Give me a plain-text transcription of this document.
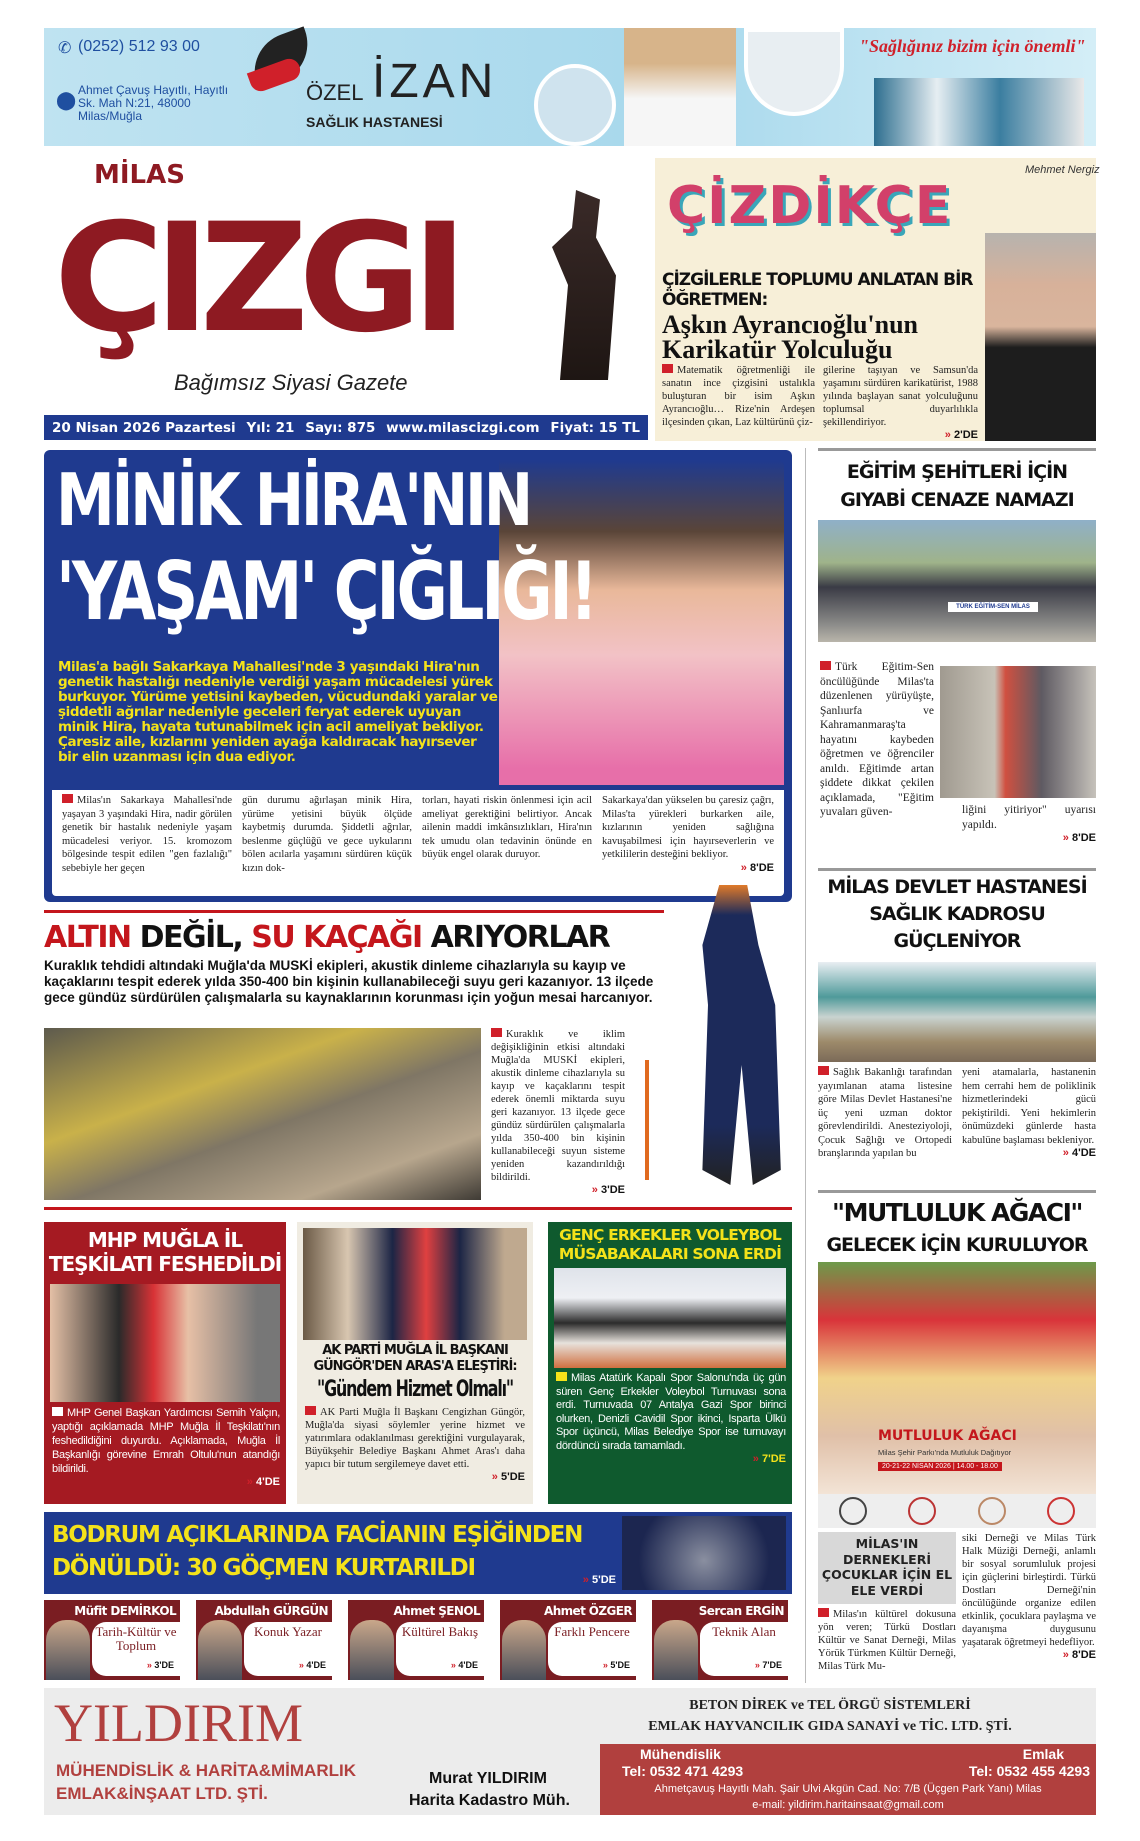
✆ (0252) 512 93 00
⬤ Ahmet Çavuş Hayıtlı, Hayıtlı Sk. Mah N:21, 48000 Milas/Muğla
ÖZEL İZAN
SAĞLIK HASTANESİ
"Sağlığınız bizim için önemli"
MİLAS
ÇIZGI
Bağımsız Siyasi Gazete
20 Nisan 2026 Pazartesi Yıl: 21 Sayı: 875 www.milascizgi.com Fiyat: 15 TL
ÇİZDİKÇE
Mehmet Nergiz
ÇİZGİLERLE TOPLUMU ANLATAN BİR ÖĞRETMEN:
Aşkın Ayrancıoğlu'nun Karikatür Yolculuğu
Matematik öğretmenliği ile sanatın ince çizgisini ustalıkla buluşturan bir isim Aşkın Ayrancıoğlu… Rize'nin Ardeşen ilçesinden çıkan, Laz kültürünü çiz-
gilerine taşıyan ve Samsun'da yaşamını sürdüren karikatürist, 1988 yılında başlayan sanat yolculuğunu toplumsal duyarlılıkla şekillendiriyor.
» 2'DE
MİNİK HİRA'NIN
'YAŞAM' ÇIĞLIĞI!
Milas'a bağlı Sakarkaya Mahallesi'nde 3 yaşındaki Hira'nın genetik hastalığı nedeniyle verdiği yaşam mücadelesi yürek burkuyor. Yürüme yetisini kaybeden, vücudundaki yaralar ve şiddetli ağrılar nedeniyle geceleri feryat ederek uyuyan minik Hira, hayata tutunabilmek için acil ameliyat bekliyor. Çaresiz aile, kızlarını yeniden ayağa kaldıracak hayırsever bir elin uzanması için dua ediyor.
Milas'ın Sakarkaya Mahallesi'nde yaşayan 3 yaşındaki Hira, nadir görülen genetik bir hastalık nedeniyle yaşam mücadelesi veriyor. 15. kromozom bölgesinde tespit edilen "gen fazlalığı" sebebiyle her geçen
gün durumu ağırlaşan minik Hira, yürüme yetisini büyük ölçüde kaybetmiş durumda. Şiddetli ağrılar, beslenme güçlüğü ve gece uykularını bölen acılarla yaşamını sürdüren küçük kızın dok-
torları, hayati riskin önlenmesi için acil ameliyat gerektiğini belirtiyor. Ancak ailenin maddi imkânsızlıkları, Hira'nın tek umudu olan tedavinin önünde en büyük engel olarak duruyor.
Sakarkaya'dan yükselen bu çaresiz çağrı, Milas'ta yürekleri burkarken aile, kızlarının yeniden sağlığına kavuşabilmesi için hayırseverlerin ve yetkililerin desteğini bekliyor.
» 8'DE
ALTIN DEĞİL, SU KAÇAĞI ARIYORLAR
Kuraklık tehdidi altındaki Muğla'da MUSKİ ekipleri, akustik dinleme cihazlarıyla su kayıp ve kaçaklarını tespit ederek yılda 350-400 bin kişinin kullanabileceği suyu geri kazanıyor. 13 ilçede gece gündüz sürdürülen çalışmalarla su kaynaklarının korunması için yoğun mesai harcanıyor.
Kuraklık ve iklim değişikliğinin etkisi altındaki Muğla'da MUSKİ ekipleri, akustik dinleme cihazlarıyla su kayıp ve kaçaklarını tespit ederek önemli miktarda suyu geri kazanıyor. 13 ilçede gece gündüz sürdürülen çalışmalarla yılda 350-400 bin kişinin kullanabileceği suyun sisteme yeniden kazandırıldığı bildirildi.
» 3'DE
MHP MUĞLA İL TEŞKİLATI FESHEDİLDİ
MHP Genel Başkan Yardımcısı Semih Yalçın, yaptığı açıklamada MHP Muğla İl Teşkilatı'nın feshedildiğini duyurdu. Açıklamada, Muğla İl Başkanlığı görevine Emrah Oltulu'nun atandığı bildirildi.
» 4'DE
AK PARTİ MUĞLA İL BAŞKANI GÜNGÖR'DEN ARAS'A ELEŞTİRİ:
"Gündem Hizmet Olmalı"
AK Parti Muğla İl Başkanı Cengizhan Güngör, Muğla'da siyasi söylemler yerine hizmet ve yatırımlara odaklanılması gerektiğini vurgulayarak, Büyükşehir Belediye Başkanı Ahmet Aras'ı daha yapıcı bir tutum sergilemeye davet etti.
» 5'DE
GENÇ ERKEKLER VOLEYBOL MÜSABAKALARI SONA ERDİ
Milas Atatürk Kapalı Spor Salonu'nda üç gün süren Genç Erkekler Voleybol Turnuvası sona erdi. Turnuvada 07 Antalya Gazi Spor birinci olurken, Denizli Cavidil Spor ikinci, Isparta Ülkü Spor üçüncü, Milas Belediye Spor ise turnuvayı dördüncü sırada tamamladı.
» 7'DE
BODRUM AÇIKLARINDA FACİANIN EŞİĞİNDEN
DÖNÜLDÜ: 30 GÖÇMEN KURTARILDI	» 5'DE
Müfit DEMİRKOL
Tarih-Kültür ve Toplum
» 3'DE
Abdullah GÜRGÜN
Konuk Yazar
» 4'DE
Ahmet ŞENOL
Kültürel Bakış
» 4'DE
Ahmet ÖZGER
Farklı Pencere
» 5'DE
Sercan ERGİN
Teknik Alan
» 7'DE
EĞİTİM ŞEHİTLERİ İÇİN GIYABİ CENAZE NAMAZI
TÜRK EĞİTİM-SEN MİLAS
Türk Eğitim-Sen öncülüğünde Milas'ta düzenlenen yürüyüşte, Şanlıurfa ve Kahramanmaraş'ta hayatını kaybeden öğretmen ve öğrenciler anıldı. Eğitimde artan şiddete dikkat çekilen açıklamada, "Eğitim yuvaları güven-	liğini yitiriyor" uyarısı yapıldı.
» 8'DE
MİLAS DEVLET HASTANESİ SAĞLIK KADROSU GÜÇLENİYOR
Sağlık Bakanlığı tarafından yayımlanan atama listesine göre Milas Devlet Hastanesi'ne üç yeni uzman doktor görevlendirildi. Anesteziyoloji, Çocuk Sağlığı ve Ortopedi branşlarında yapılan bu
yeni atamalarla, hastanenin hem cerrahi hem de poliklinik hizmetlerindeki gücü pekiştirildi. Yeni hekimlerin önümüzdeki günlerde hasta kabulüne başlaması bekleniyor.
» 4'DE
"MUTLULUK AĞACI"
GELECEK İÇİN KURULUYOR
MUTLULUK AĞACI
Milas Şehir Parkı'nda Mutluluk Dağıtıyor
20-21-22 NİSAN 2026 | 14.00 - 18.00
MİLAS'IN DERNEKLERİ ÇOCUKLAR İÇİN EL ELE VERDİ
Milas'ın kültürel dokusuna yön veren; Türkü Dostları Kültür ve Sanat Derneği, Milas Yörük Türkmen Kültür Derneği, Milas Türk Mu-
siki Derneği ve Milas Türk Halk Müziği Derneği, anlamlı bir sosyal sorumluluk projesi için güçlerini birleştirdi. Türkü Dostları Derneği'nin öncülüğünde organize edilen etkinlik, çocuklara paylaşma ve dayanışma duygusunu yaşatarak öğretmeyi hedefliyor.
» 8'DE
YILDIRIM
MÜHENDİSLİK & HARİTA&MİMARLIK
EMLAK&İNŞAAT LTD. ŞTİ.
Murat YILDIRIM
Harita Kadastro Müh.
BETON DİREK ve TEL ÖRGÜ SİSTEMLERİ
EMLAK HAYVANCILIK GIDA SANAYİ ve TİC. LTD. ŞTİ.
Mühendislik
Tel: 0532 471 4293
Emlak
Tel: 0532 455 4293
Ahmetçavuş Hayıtlı Mah. Şair Ulvi Akgün Cad. No: 7/B (Üçgen Park Yanı) Milas
e-mail: yildirim.haritainsaat@gmail.com
